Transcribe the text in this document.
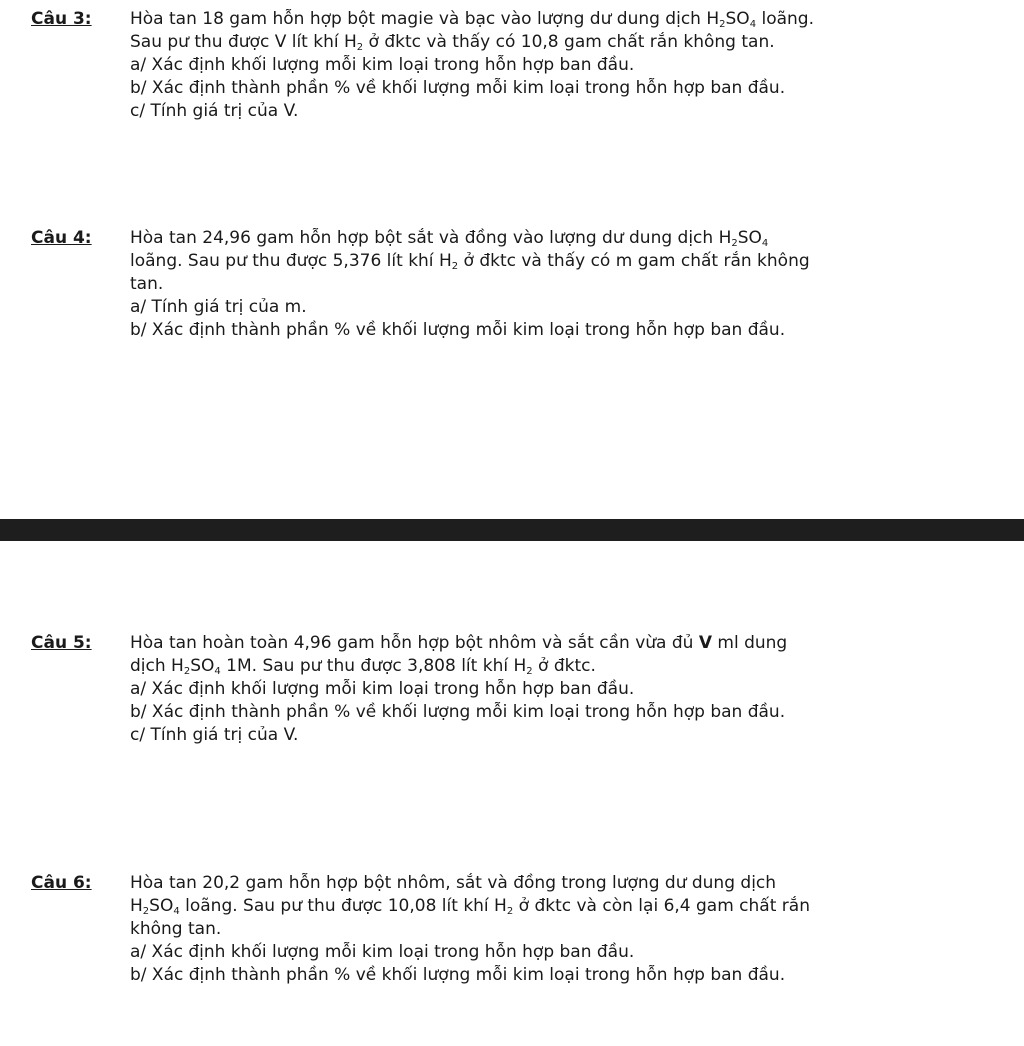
Câu 3: Hòa tan 18 gam hỗn hợp bột magie và bạc vào lượng dư dung dịch $H_2SO_4$ loãng.
Sau pư thu được V lít khí $H_2$ ở đktc và thấy có 10,8 gam chất rắn không tan.
a/ Xác định khối lượng mỗi kim loại trong hỗn hợp ban đầu.
b/ Xác định thành phần % về khối lượng mỗi kim loại trong hỗn hợp ban đầu.
c/ Tính giá trị của V.
Câu 4: Hòa tan 24,96 gam hỗn hợp bột sắt và đồng vào lượng dư dung dịch $H_2SO_4$
loãng. Sau pư thu được 5,376 lít khí $H_2$ ở đktc và thấy có m gam chất rắn không
tan.
a/ Tính giá trị của m.
b/ Xác định thành phần % về khối lượng mỗi kim loại trong hỗn hợp ban đầu.
Câu 5: Hòa tan hoàn toàn 4,96 gam hỗn hợp bột nhôm và sắt cần vừa đủ V ml dung
dịch $H_2SO_4$ 1M. Sau pư thu được 3,808 lít khí $H_2$ ở đktc.
a/ Xác định khối lượng mỗi kim loại trong hỗn hợp ban đầu.
b/ Xác định thành phần % về khối lượng mỗi kim loại trong hỗn hợp ban đầu.
c/ Tính giá trị của V.
Câu 6: Hòa tan 20,2 gam hỗn hợp bột nhôm, sắt và đồng trong lượng dư dung dịch
$H_2SO_4$ loãng. Sau pư thu được 10,08 lít khí $H_2$ ở đktc và còn lại 6,4 gam chất rắn
không tan.
a/ Xác định khối lượng mỗi kim loại trong hỗn hợp ban đầu.
b/ Xác định thành phần % về khối lượng mỗi kim loại trong hỗn hợp ban đầu.
